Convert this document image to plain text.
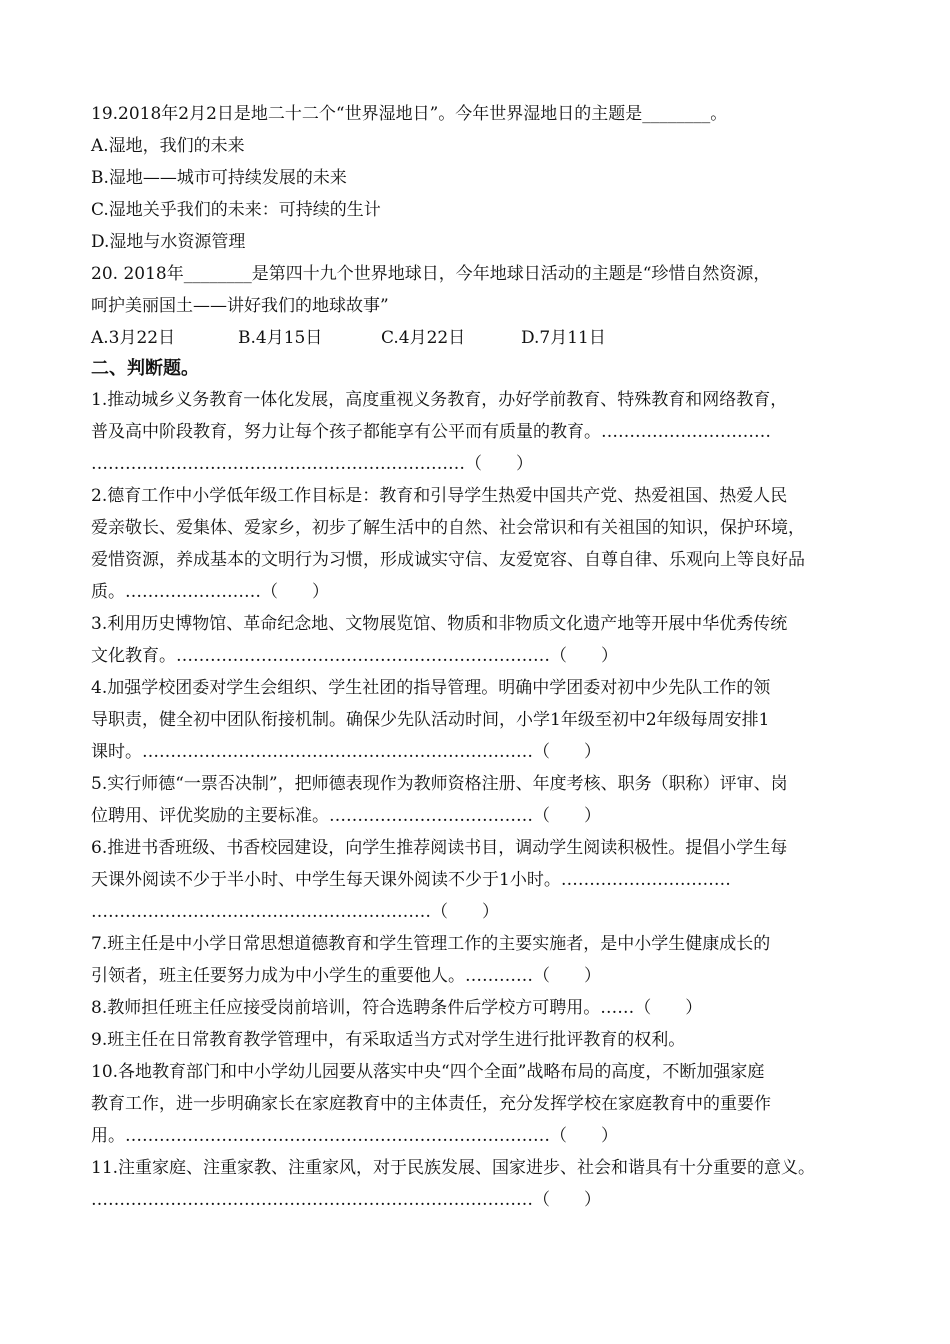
19.2018年2月2日是地二十二个“世界湿地日”。今年世界湿地日的主题是________。
A.湿地，我们的未来
B.湿地——城市可持续发展的未来
C.湿地关乎我们的未来：可持续的生计
D.湿地与水资源管理
20. 2018年________是第四十九个世界地球日，今年地球日活动的主题是“珍惜自然资源，
呵护美丽国土——讲好我们的地球故事”
A.3月22日	B.4月15日	C.4月22日	D.7月11日
二、判断题。
1.推动城乡义务教育一体化发展，高度重视义务教育，办好学前教育、特殊教育和网络教育，
普及高中阶段教育，努力让每个孩子都能享有公平而有质量的教育。…………………………
…………………………………………………………（　　）
2.德育工作中小学低年级工作目标是：教育和引导学生热爱中国共产党、热爱祖国、热爱人民
爱亲敬长、爱集体、爱家乡，初步了解生活中的自然、社会常识和有关祖国的知识，保护环境，
爱惜资源，养成基本的文明行为习惯，形成诚实守信、友爱宽容、自尊自律、乐观向上等良好品
质。……………………（　　）
3.利用历史博物馆、革命纪念地、文物展览馆、物质和非物质文化遗产地等开展中华优秀传统
文化教育。…………………………………………………………（　　）
4.加强学校团委对学生会组织、学生社团的指导管理。明确中学团委对初中少先队工作的领
导职责，健全初中团队衔接机制。确保少先队活动时间，小学1年级至初中2年级每周安排1
课时。……………………………………………………………（　　）
5.实行师德“一票否决制”，把师德表现作为教师资格注册、年度考核、职务（职称）评审、岗
位聘用、评优奖励的主要标准。………………………………（　　）
6.推进书香班级、书香校园建设，向学生推荐阅读书目，调动学生阅读积极性。提倡小学生每
天课外阅读不少于半小时、中学生每天课外阅读不少于1小时。…………………………
……………………………………………………（　　）
7.班主任是中小学日常思想道德教育和学生管理工作的主要实施者，是中小学生健康成长的
引领者，班主任要努力成为中小学生的重要他人。…………（　　）
8.教师担任班主任应接受岗前培训，符合选聘条件后学校方可聘用。……（　　）
9.班主任在日常教育教学管理中，有采取适当方式对学生进行批评教育的权利。
10.各地教育部门和中小学幼儿园要从落实中央“四个全面”战略布局的高度，不断加强家庭
教育工作，进一步明确家长在家庭教育中的主体责任，充分发挥学校在家庭教育中的重要作
用。…………………………………………………………………（　　）
11.注重家庭、注重家教、注重家风，对于民族发展、国家进步、社会和谐具有十分重要的意义。
……………………………………………………………………（　　）
